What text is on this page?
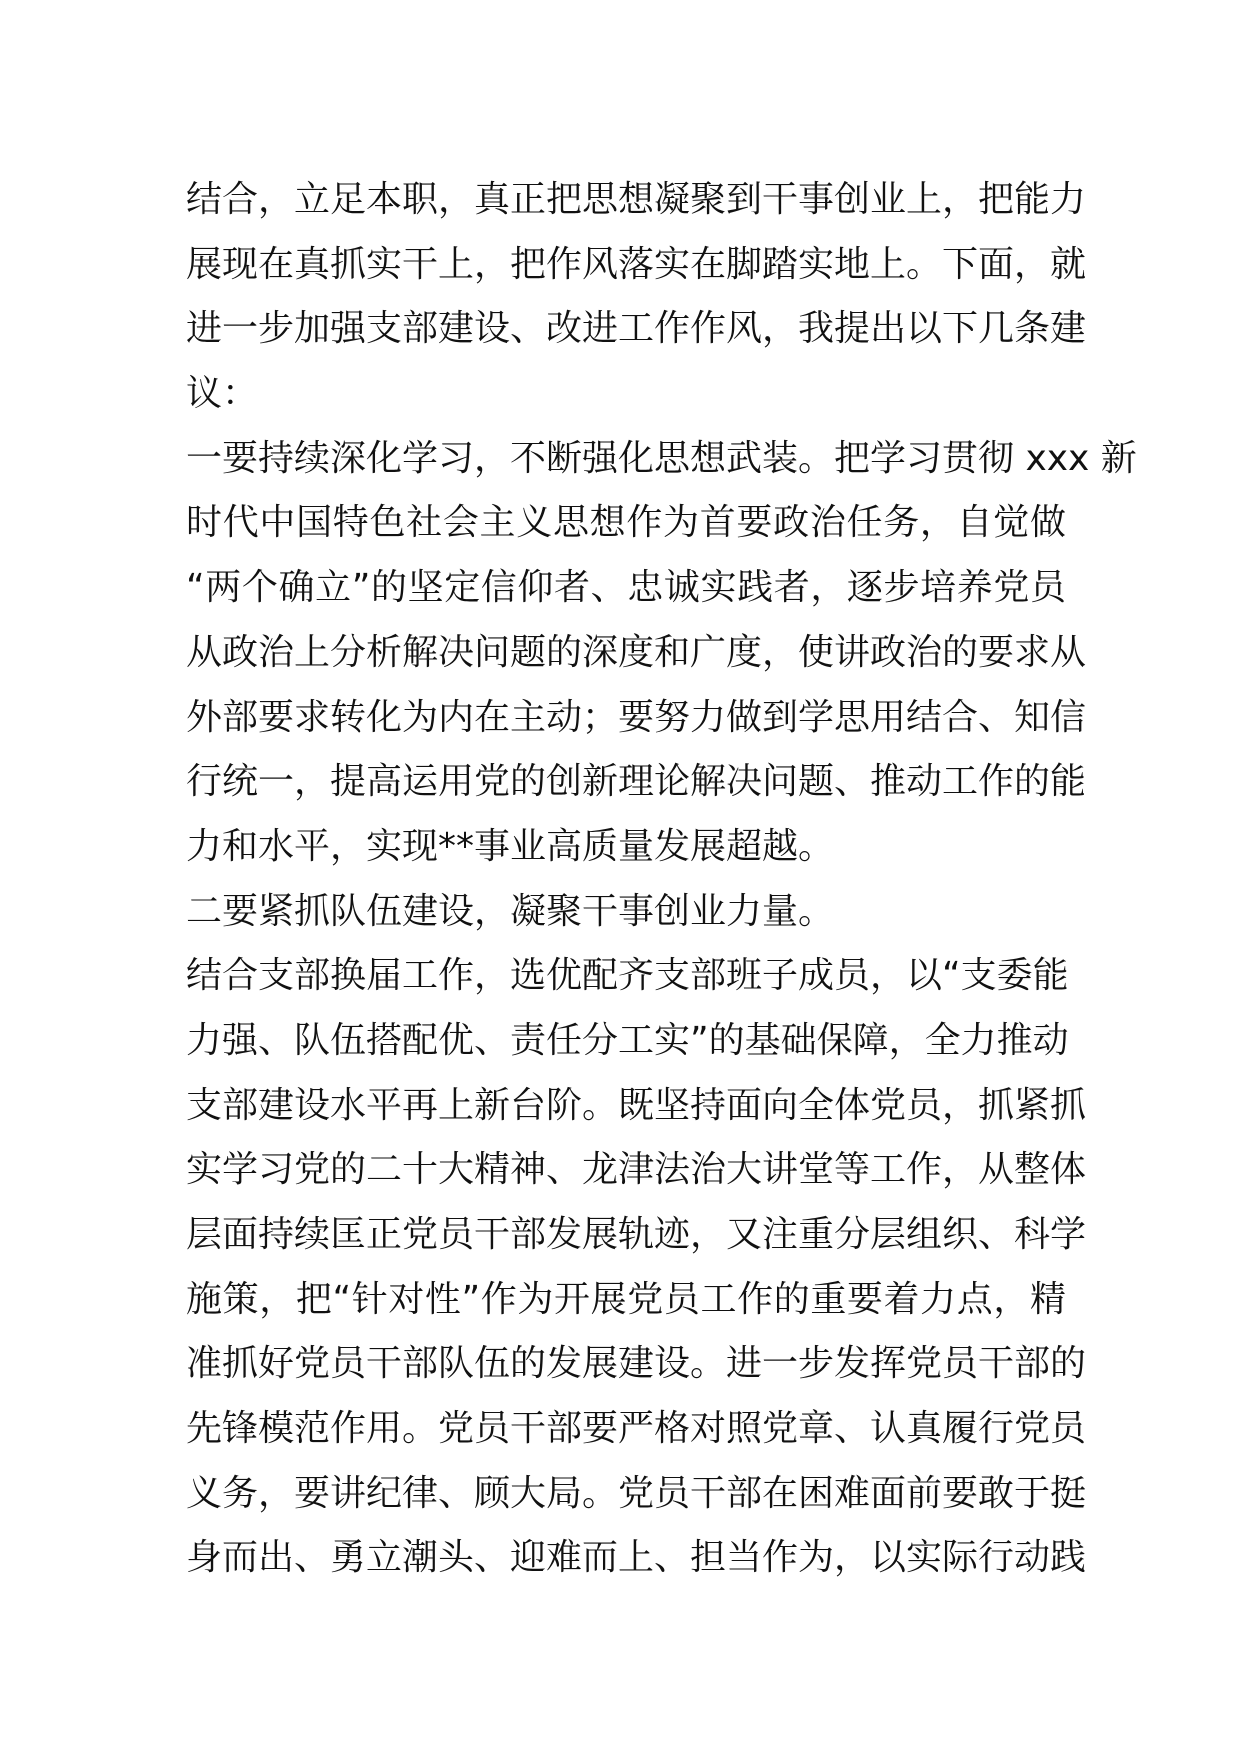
结合，立足本职，真正把思想凝聚到干事创业上，把能力
展现在真抓实干上，把作风落实在脚踏实地上。下面，就
进一步加强支部建设、改进工作作风，我提出以下几条建
议：
一要持续深化学习，不断强化思想武装。把学习贯彻 xxx 新
时代中国特色社会主义思想作为首要政治任务，自觉做
“两个确立”的坚定信仰者、忠诚实践者，逐步培养党员
从政治上分析解决问题的深度和广度，使讲政治的要求从
外部要求转化为内在主动；要努力做到学思用结合、知信
行统一，提高运用党的创新理论解决问题、推动工作的能
力和水平，实现**事业高质量发展超越。
二要紧抓队伍建设，凝聚干事创业力量。
结合支部换届工作，选优配齐支部班子成员，以“支委能
力强、队伍搭配优、责任分工实”的基础保障，全力推动
支部建设水平再上新台阶。既坚持面向全体党员，抓紧抓
实学习党的二十大精神、龙津法治大讲堂等工作，从整体
层面持续匡正党员干部发展轨迹，又注重分层组织、科学
施策，把“针对性”作为开展党员工作的重要着力点，精
准抓好党员干部队伍的发展建设。进一步发挥党员干部的
先锋模范作用。党员干部要严格对照党章、认真履行党员
义务，要讲纪律、顾大局。党员干部在困难面前要敢于挺
身而出、勇立潮头、迎难而上、担当作为，以实际行动践
